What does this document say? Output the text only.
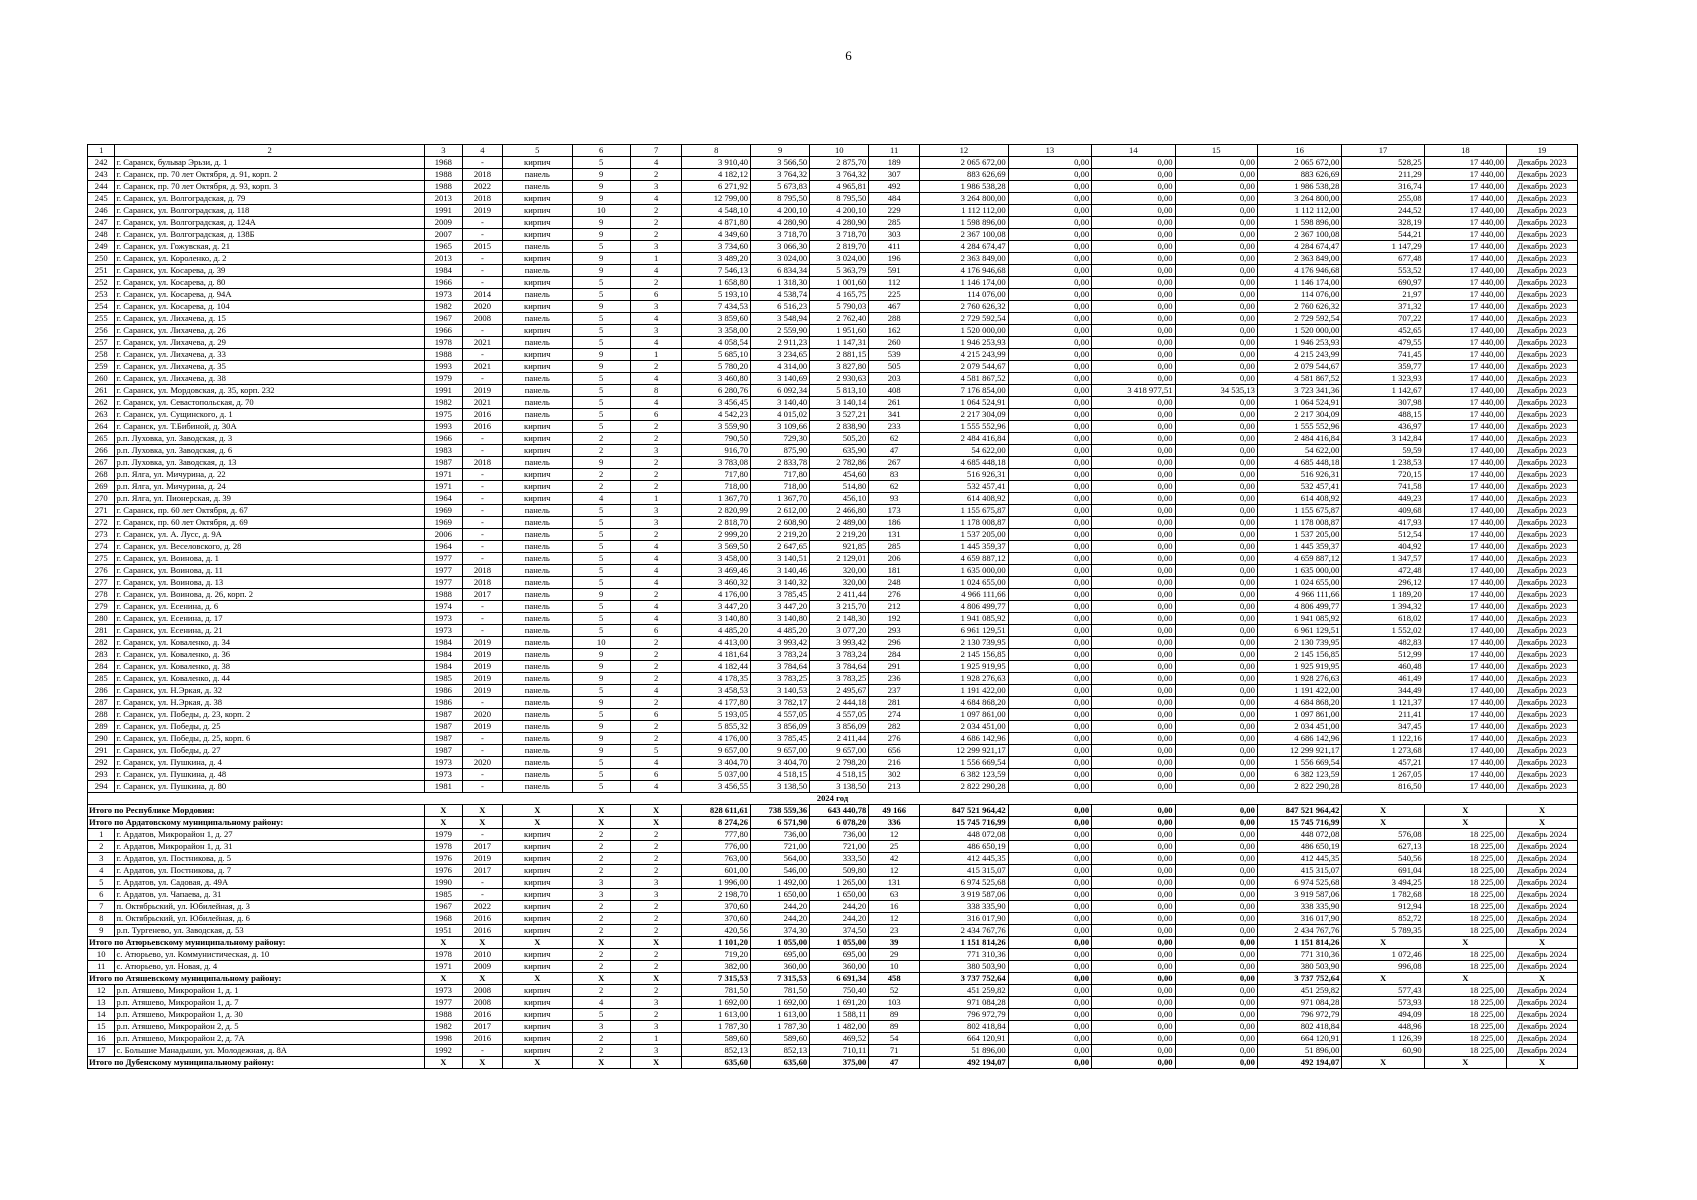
6
1	2	3	4	5	6	7	8	9	10	11	12	13	14	15	16	17	18	19
242	г. Саранск, бульвар Эрьзи, д. 1	1968	-	кирпич	5	4	3 910,40	3 566,50	2 875,70	189	2 065 672,00	0,00	0,00	0,00	2 065 672,00	528,25	17 440,00	Декабрь 2023
243	г. Саранск, пр. 70 лет Октября, д. 91, корп. 2	1988	2018	панель	9	2	4 182,12	3 764,32	3 764,32	307	883 626,69	0,00	0,00	0,00	883 626,69	211,29	17 440,00	Декабрь 2023
244	г. Саранск, пр. 70 лет Октября, д. 93, корп. 3	1988	2022	панель	9	3	6 271,92	5 673,83	4 965,81	492	1 986 538,28	0,00	0,00	0,00	1 986 538,28	316,74	17 440,00	Декабрь 2023
245	г. Саранск, ул. Волгоградская, д. 79	2013	2018	кирпич	9	4	12 799,00	8 795,50	8 795,50	484	3 264 800,00	0,00	0,00	0,00	3 264 800,00	255,08	17 440,00	Декабрь 2023
246	г. Саранск, ул. Волгоградская, д. 118	1991	2019	кирпич	10	2	4 548,10	4 200,10	4 200,10	229	1 112 112,00	0,00	0,00	0,00	1 112 112,00	244,52	17 440,00	Декабрь 2023
247	г. Саранск, ул. Волгоградская, д. 124А	2009	-	кирпич	9	2	4 871,80	4 280,90	4 280,90	285	1 598 896,00	0,00	0,00	0,00	1 598 896,00	328,19	17 440,00	Декабрь 2023
248	г. Саранск, ул. Волгоградская, д. 138Б	2007	-	кирпич	9	2	4 349,60	3 718,70	3 718,70	303	2 367 100,08	0,00	0,00	0,00	2 367 100,08	544,21	17 440,00	Декабрь 2023
249	г. Саранск, ул. Гожувская, д. 21	1965	2015	панель	5	3	3 734,60	3 066,30	2 819,70	411	4 284 674,47	0,00	0,00	0,00	4 284 674,47	1 147,29	17 440,00	Декабрь 2023
250	г. Саранск, ул. Короленко, д. 2	2013	-	кирпич	9	1	3 489,20	3 024,00	3 024,00	196	2 363 849,00	0,00	0,00	0,00	2 363 849,00	677,48	17 440,00	Декабрь 2023
251	г. Саранск, ул. Косарева, д. 39	1984	-	панель	9	4	7 546,13	6 834,34	5 363,79	591	4 176 946,68	0,00	0,00	0,00	4 176 946,68	553,52	17 440,00	Декабрь 2023
252	г. Саранск, ул. Косарева, д. 80	1966	-	кирпич	5	2	1 658,80	1 318,30	1 001,60	112	1 146 174,00	0,00	0,00	0,00	1 146 174,00	690,97	17 440,00	Декабрь 2023
253	г. Саранск, ул. Косарева, д. 94А	1973	2014	панель	5	6	5 193,10	4 538,74	4 165,75	225	114 076,00	0,00	0,00	0,00	114 076,00	21,97	17 440,00	Декабрь 2023
254	г. Саранск, ул. Косарева, д. 104	1982	2020	кирпич	9	3	7 434,53	6 516,23	5 790,03	467	2 760 626,32	0,00	0,00	0,00	2 760 626,32	371,32	17 440,00	Декабрь 2023
255	г. Саранск, ул. Лихачева, д. 15	1967	2008	панель	5	4	3 859,60	3 548,94	2 762,40	288	2 729 592,54	0,00	0,00	0,00	2 729 592,54	707,22	17 440,00	Декабрь 2023
256	г. Саранск, ул. Лихачева, д. 26	1966	-	кирпич	5	3	3 358,00	2 559,90	1 951,60	162	1 520 000,00	0,00	0,00	0,00	1 520 000,00	452,65	17 440,00	Декабрь 2023
257	г. Саранск, ул. Лихачева, д. 29	1978	2021	панель	5	4	4 058,54	2 911,23	1 147,31	260	1 946 253,93	0,00	0,00	0,00	1 946 253,93	479,55	17 440,00	Декабрь 2023
258	г. Саранск, ул. Лихачева, д. 33	1988	-	кирпич	9	1	5 685,10	3 234,65	2 881,15	539	4 215 243,99	0,00	0,00	0,00	4 215 243,99	741,45	17 440,00	Декабрь 2023
259	г. Саранск, ул. Лихачева, д. 35	1993	2021	кирпич	9	2	5 780,20	4 314,00	3 827,80	505	2 079 544,67	0,00	0,00	0,00	2 079 544,67	359,77	17 440,00	Декабрь 2023
260	г. Саранск, ул. Лихачева, д. 38	1979	-	панель	5	4	3 460,80	3 140,69	2 930,63	203	4 581 867,52	0,00	0,00	0,00	4 581 867,52	1 323,93	17 440,00	Декабрь 2023
261	г. Саранск, ул. Мордовская, д. 35, корп. 232	1991	2019	панель	5	8	6 280,76	6 092,34	5 813,10	408	7 176 854,00	0,00	3 418 977,51	34 535,13	3 723 341,36	1 142,67	17 440,00	Декабрь 2023
262	г. Саранск, ул. Севастопольская, д. 70	1982	2021	панель	5	4	3 456,45	3 140,40	3 140,14	261	1 064 524,91	0,00	0,00	0,00	1 064 524,91	307,98	17 440,00	Декабрь 2023
263	г. Саранск, ул. Сущинского, д. 1	1975	2016	панель	5	6	4 542,23	4 015,02	3 527,21	341	2 217 304,09	0,00	0,00	0,00	2 217 304,09	488,15	17 440,00	Декабрь 2023
264	г. Саранск, ул. Т.Бибиной, д. 30А	1993	2016	кирпич	5	2	3 559,90	3 109,66	2 838,90	233	1 555 552,96	0,00	0,00	0,00	1 555 552,96	436,97	17 440,00	Декабрь 2023
265	р.п. Луховка, ул. Заводская, д. 3	1966	-	кирпич	2	2	790,50	729,30	505,20	62	2 484 416,84	0,00	0,00	0,00	2 484 416,84	3 142,84	17 440,00	Декабрь 2023
266	р.п. Луховка, ул. Заводская, д. 6	1983	-	кирпич	2	3	916,70	875,90	635,90	47	54 622,00	0,00	0,00	0,00	54 622,00	59,59	17 440,00	Декабрь 2023
267	р.п. Луховка, ул. Заводская, д. 13	1987	2018	панель	9	2	3 783,08	2 833,78	2 782,86	267	4 685 448,18	0,00	0,00	0,00	4 685 448,18	1 238,53	17 440,00	Декабрь 2023
268	р.п. Ялга, ул. Мичурина, д. 22	1971	-	кирпич	2	2	717,80	717,80	454,60	83	516 926,31	0,00	0,00	0,00	516 926,31	720,15	17 440,00	Декабрь 2023
269	р.п. Ялга, ул. Мичурина, д. 24	1971	-	кирпич	2	2	718,00	718,00	514,80	62	532 457,41	0,00	0,00	0,00	532 457,41	741,58	17 440,00	Декабрь 2023
270	р.п. Ялга, ул. Пионерская, д. 39	1964	-	кирпич	4	1	1 367,70	1 367,70	456,10	93	614 408,92	0,00	0,00	0,00	614 408,92	449,23	17 440,00	Декабрь 2023
271	г. Саранск, пр. 60 лет Октября, д. 67	1969	-	панель	5	3	2 820,99	2 612,00	2 466,80	173	1 155 675,87	0,00	0,00	0,00	1 155 675,87	409,68	17 440,00	Декабрь 2023
272	г. Саранск, пр. 60 лет Октября, д. 69	1969	-	панель	5	3	2 818,70	2 608,90	2 489,00	186	1 178 008,87	0,00	0,00	0,00	1 178 008,87	417,93	17 440,00	Декабрь 2023
273	г. Саранск, ул. А. Лусс, д. 9А	2006	-	панель	5	2	2 999,20	2 219,20	2 219,20	131	1 537 205,00	0,00	0,00	0,00	1 537 205,00	512,54	17 440,00	Декабрь 2023
274	г. Саранск, ул. Веселовского, д. 28	1964	-	панель	5	4	3 569,50	2 647,65	921,85	285	1 445 359,37	0,00	0,00	0,00	1 445 359,37	404,92	17 440,00	Декабрь 2023
275	г. Саранск, ул. Воинова, д. 1	1977	-	панель	5	4	3 458,00	3 140,51	2 129,01	206	4 659 887,12	0,00	0,00	0,00	4 659 887,12	1 347,57	17 440,00	Декабрь 2023
276	г. Саранск, ул. Воинова, д. 11	1977	2018	панель	5	4	3 469,46	3 140,46	320,00	181	1 635 000,00	0,00	0,00	0,00	1 635 000,00	472,48	17 440,00	Декабрь 2023
277	г. Саранск, ул. Воинова, д. 13	1977	2018	панель	5	4	3 460,32	3 140,32	320,00	248	1 024 655,00	0,00	0,00	0,00	1 024 655,00	296,12	17 440,00	Декабрь 2023
278	г. Саранск, ул. Воинова, д. 26, корп. 2	1988	2017	панель	9	2	4 176,00	3 785,45	2 411,44	276	4 966 111,66	0,00	0,00	0,00	4 966 111,66	1 189,20	17 440,00	Декабрь 2023
279	г. Саранск, ул. Есенина, д. 6	1974	-	панель	5	4	3 447,20	3 447,20	3 215,70	212	4 806 499,77	0,00	0,00	0,00	4 806 499,77	1 394,32	17 440,00	Декабрь 2023
280	г. Саранск, ул. Есенина, д. 17	1973	-	панель	5	4	3 140,80	3 140,80	2 148,30	192	1 941 085,92	0,00	0,00	0,00	1 941 085,92	618,02	17 440,00	Декабрь 2023
281	г. Саранск, ул. Есенина, д. 21	1973	-	панель	5	6	4 485,20	4 485,20	3 077,20	293	6 961 129,51	0,00	0,00	0,00	6 961 129,51	1 552,02	17 440,00	Декабрь 2023
282	г. Саранск, ул. Коваленко, д. 34	1984	2019	панель	10	2	4 413,00	3 993,42	3 993,42	296	2 130 739,95	0,00	0,00	0,00	2 130 739,95	482,83	17 440,00	Декабрь 2023
283	г. Саранск, ул. Коваленко, д. 36	1984	2019	панель	9	2	4 181,64	3 783,24	3 783,24	284	2 145 156,85	0,00	0,00	0,00	2 145 156,85	512,99	17 440,00	Декабрь 2023
284	г. Саранск, ул. Коваленко, д. 38	1984	2019	панель	9	2	4 182,44	3 784,64	3 784,64	291	1 925 919,95	0,00	0,00	0,00	1 925 919,95	460,48	17 440,00	Декабрь 2023
285	г. Саранск, ул. Коваленко, д. 44	1985	2019	панель	9	2	4 178,35	3 783,25	3 783,25	236	1 928 276,63	0,00	0,00	0,00	1 928 276,63	461,49	17 440,00	Декабрь 2023
286	г. Саранск, ул. Н.Эркая, д. 32	1986	2019	панель	5	4	3 458,53	3 140,53	2 495,67	237	1 191 422,00	0,00	0,00	0,00	1 191 422,00	344,49	17 440,00	Декабрь 2023
287	г. Саранск, ул. Н.Эркая, д. 38	1986	-	панель	9	2	4 177,80	3 782,17	2 444,18	281	4 684 868,20	0,00	0,00	0,00	4 684 868,20	1 121,37	17 440,00	Декабрь 2023
288	г. Саранск, ул. Победы, д. 23, корп. 2	1987	2020	панель	5	6	5 193,05	4 557,05	4 557,05	274	1 097 861,00	0,00	0,00	0,00	1 097 861,00	211,41	17 440,00	Декабрь 2023
289	г. Саранск, ул. Победы, д. 25	1987	2019	панель	9	2	5 855,32	3 856,09	3 856,09	282	2 034 451,00	0,00	0,00	0,00	2 034 451,00	347,45	17 440,00	Декабрь 2023
290	г. Саранск, ул. Победы, д. 25, корп. 6	1987	-	панель	9	2	4 176,00	3 785,45	2 411,44	276	4 686 142,96	0,00	0,00	0,00	4 686 142,96	1 122,16	17 440,00	Декабрь 2023
291	г. Саранск, ул. Победы, д. 27	1987	-	панель	9	5	9 657,00	9 657,00	9 657,00	656	12 299 921,17	0,00	0,00	0,00	12 299 921,17	1 273,68	17 440,00	Декабрь 2023
292	г. Саранск, ул. Пушкина, д. 4	1973	2020	панель	5	4	3 404,70	3 404,70	2 798,20	216	1 556 669,54	0,00	0,00	0,00	1 556 669,54	457,21	17 440,00	Декабрь 2023
293	г. Саранск, ул. Пушкина, д. 48	1973	-	панель	5	6	5 037,00	4 518,15	4 518,15	302	6 382 123,59	0,00	0,00	0,00	6 382 123,59	1 267,05	17 440,00	Декабрь 2023
294	г. Саранск, ул. Пушкина, д. 80	1981	-	панель	5	4	3 456,55	3 138,50	3 138,50	213	2 822 290,28	0,00	0,00	0,00	2 822 290,28	816,50	17 440,00	Декабрь 2023
2024 год																		
Итого по Республике Мордовия:		X	X	X	X	X	828 611,61	738 559,36	643 440,78	49 166	847 521 964,42	0,00	0,00	0,00	847 521 964,42	X	X	X
Итого по Ардатовскому муниципальному району:		X	X	X	X	X	8 274,26	6 571,90	6 078,20	336	15 745 716,99	0,00	0,00	0,00	15 745 716,99	X	X	X
1	г. Ардатов, Микрорайон 1, д. 27	1979	-	кирпич	2	2	777,80	736,00	736,00	12	448 072,08	0,00	0,00	0,00	448 072,08	576,08	18 225,00	Декабрь 2024
2	г. Ардатов, Микрорайон 1, д. 31	1978	2017	кирпич	2	2	776,00	721,00	721,00	25	486 650,19	0,00	0,00	0,00	486 650,19	627,13	18 225,00	Декабрь 2024
3	г. Ардатов, ул. Постникова, д. 5	1976	2019	кирпич	2	2	763,00	564,00	333,50	42	412 445,35	0,00	0,00	0,00	412 445,35	540,56	18 225,00	Декабрь 2024
4	г. Ардатов, ул. Постникова, д. 7	1976	2017	кирпич	2	2	601,00	546,00	509,80	12	415 315,07	0,00	0,00	0,00	415 315,07	691,04	18 225,00	Декабрь 2024
5	г. Ардатов, ул. Садовая, д. 49А	1990	-	кирпич	3	3	1 996,00	1 492,00	1 265,00	131	6 974 525,68	0,00	0,00	0,00	6 974 525,68	3 494,25	18 225,00	Декабрь 2024
6	г. Ардатов, ул. Чапаева, д. 31	1985	-	кирпич	3	3	2 198,70	1 650,00	1 650,00	63	3 919 587,06	0,00	0,00	0,00	3 919 587,06	1 782,68	18 225,00	Декабрь 2024
7	п. Октябрьский, ул. Юбилейная, д. 3	1967	2022	кирпич	2	2	370,60	244,20	244,20	16	338 335,90	0,00	0,00	0,00	338 335,90	912,94	18 225,00	Декабрь 2024
8	п. Октябрьский, ул. Юбилейная, д. 6	1968	2016	кирпич	2	2	370,60	244,20	244,20	12	316 017,90	0,00	0,00	0,00	316 017,90	852,72	18 225,00	Декабрь 2024
9	р.п. Тургенево, ул. Заводская, д. 53	1951	2016	кирпич	2	2	420,56	374,30	374,50	23	2 434 767,76	0,00	0,00	0,00	2 434 767,76	5 789,35	18 225,00	Декабрь 2024
Итого по Атюрьевскому муниципальному району:		X	X	X	X	X	1 101,20	1 055,00	1 055,00	39	1 151 814,26	0,00	0,00	0,00	1 151 814,26	X	X	X
10	с. Атюрьево, ул. Коммунистическая, д. 10	1978	2010	кирпич	2	2	719,20	695,00	695,00	29	771 310,36	0,00	0,00	0,00	771 310,36	1 072,46	18 225,00	Декабрь 2024
11	с. Атюрьево, ул. Новая, д. 4	1971	2009	кирпич	2	2	382,00	360,00	360,00	10	380 503,90	0,00	0,00	0,00	380 503,90	996,08	18 225,00	Декабрь 2024
Итого по Атяшевскому муниципальному району:		X	X	X	X	X	7 315,53	7 315,53	6 691,34	458	3 737 752,64	0,00	0,00	0,00	3 737 752,64	X	X	X
12	р.п. Атяшево, Микрорайон 1, д. 1	1973	2008	кирпич	2	2	781,50	781,50	750,40	52	451 259,82	0,00	0,00	0,00	451 259,82	577,43	18 225,00	Декабрь 2024
13	р.п. Атяшево, Микрорайон 1, д. 7	1977	2008	кирпич	4	3	1 692,00	1 692,00	1 691,20	103	971 084,28	0,00	0,00	0,00	971 084,28	573,93	18 225,00	Декабрь 2024
14	р.п. Атяшево, Микрорайон 1, д. 30	1988	2016	кирпич	5	2	1 613,00	1 613,00	1 588,11	89	796 972,79	0,00	0,00	0,00	796 972,79	494,09	18 225,00	Декабрь 2024
15	р.п. Атяшево, Микрорайон 2, д. 5	1982	2017	кирпич	3	3	1 787,30	1 787,30	1 482,00	89	802 418,84	0,00	0,00	0,00	802 418,84	448,96	18 225,00	Декабрь 2024
16	р.п. Атяшево, Микрорайон 2, д. 7А	1998	2016	кирпич	2	1	589,60	589,60	469,52	54	664 120,91	0,00	0,00	0,00	664 120,91	1 126,39	18 225,00	Декабрь 2024
17	с. Большие Манадыши, ул. Молодежная, д. 8А	1992	-	кирпич	2	3	852,13	852,13	710,11	71	51 896,00	0,00	0,00	0,00	51 896,00	60,90	18 225,00	Декабрь 2024
Итого по Дубенскому муниципальному району:		X	X	X	X	X	635,60	635,60	375,00	47	492 194,07	0,00	0,00	0,00	492 194,07	X	X	X
